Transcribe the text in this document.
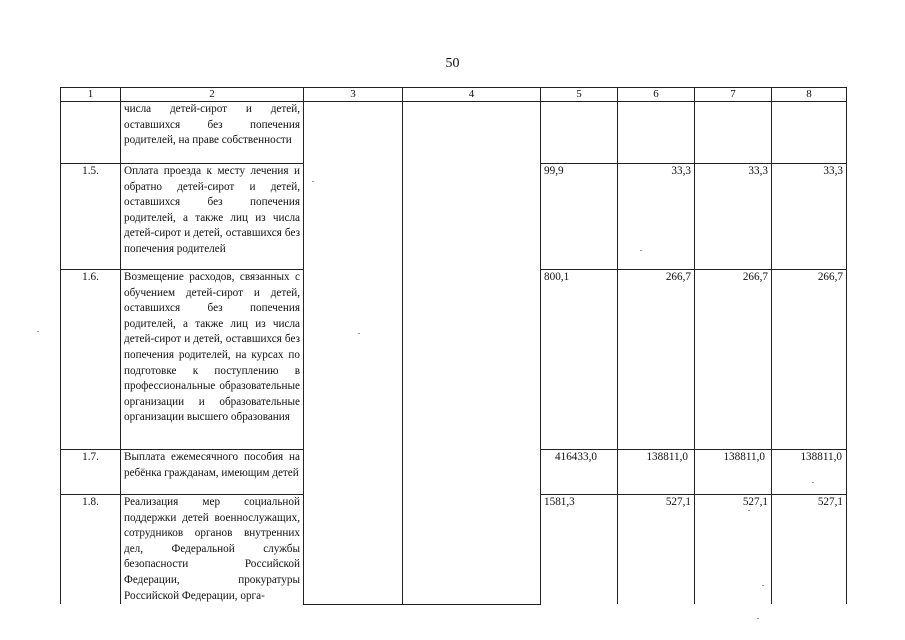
50
1	2	3	4	5	6	7	8
	числа детей-сирот и детей, оставшихся без попечения родителей, на праве собственности						
1.5.	Оплата проезда к месту лечения и обратно детей-сирот и детей, оставшихся без попечения родителей, а также лиц из числа детей-сирот и детей, оставшихся без попечения родителей			99,9	33,3	33,3	33,3
1.6.	Возмещение расходов, связанных с обучением детей-сирот и детей, оставшихся без попечения родителей, а также лиц из числа детей-сирот и детей, оставшихся без попечения родителей, на курсах по подготовке к поступлению в профессиональные образовательные организации и образовательные организации высшего образования			800,1	266,7	266,7	266,7
1.7.	Выплата ежемесячного пособия на ребёнка гражданам, имеющим детей			416433,0	138811,0	138811,0	138811,0
1.8.	Реализация мер социальной поддержки детей военнослужащих, сотрудников органов внутренних дел, Федеральной службы безопасности Российской Федерации, прокуратуры Российской Федерации, орга-			1581,3	527,1	527,1	527,1
